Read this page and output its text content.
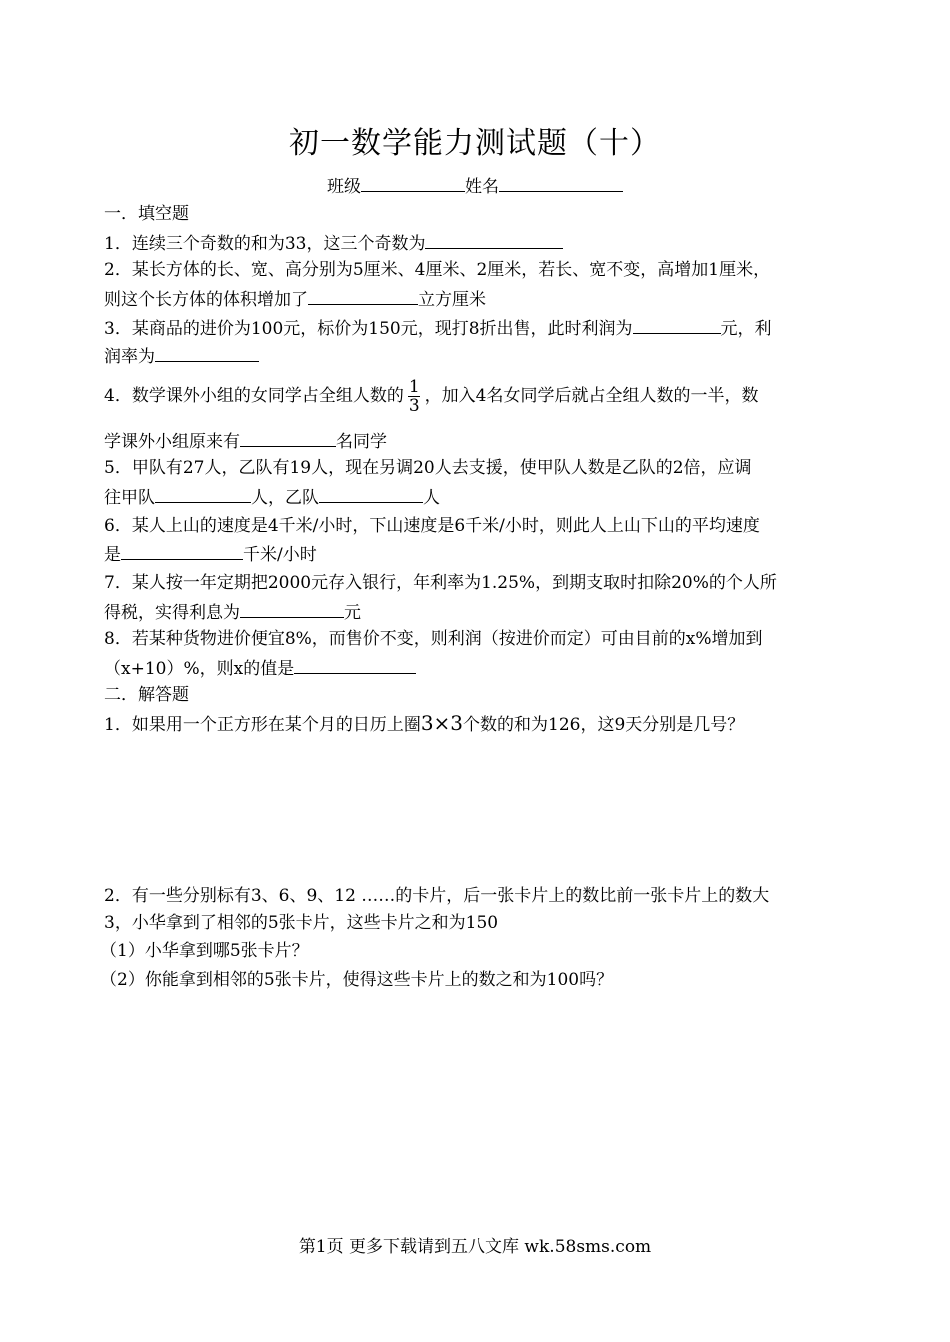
初一数学能力测试题（十）
班级	姓名
一．填空题
1．连续三个奇数的和为33，这三个奇数为
2．某长方体的长、宽、高分别为5厘米、4厘米、2厘米，若长、宽不变，高增加1厘米，
则这个长方体的体积增加了	立方厘米
3．某商品的进价为100元，标价为150元，现打8折出售，此时利润为	元，利
润率为
4．数学课外小组的女同学占全组人数的 $\frac{1}{3}$ ，加入4名女同学后就占全组人数的一半，数
学课外小组原来有	名同学
5．甲队有27人，乙队有19人，现在另调20人去支援，使甲队人数是乙队的2倍，应调
往甲队	人，乙队	人
6．某人上山的速度是4千米/小时，下山速度是6千米/小时，则此人上山下山的平均速度
是	千米/小时
7．某人按一年定期把2000元存入银行，年利率为1.25%，到期支取时扣除20%的个人所
得税，实得利息为	元
8．若某种货物进价便宜8%，而售价不变，则利润（按进价而定）可由目前的x%增加到
（x+10）%，则x的值是
二．解答题
1．如果用一个正方形在某个月的日历上圈3×3个数的和为126，这9天分别是几号？
2．有一些分别标有3、6、9、12 ……的卡片，后一张卡片上的数比前一张卡片上的数大
3，小华拿到了相邻的5张卡片，这些卡片之和为150
（1）小华拿到哪5张卡片？
（2）你能拿到相邻的5张卡片，使得这些卡片上的数之和为100吗？
第1页 更多下载请到五八文库 wk.58sms.com
